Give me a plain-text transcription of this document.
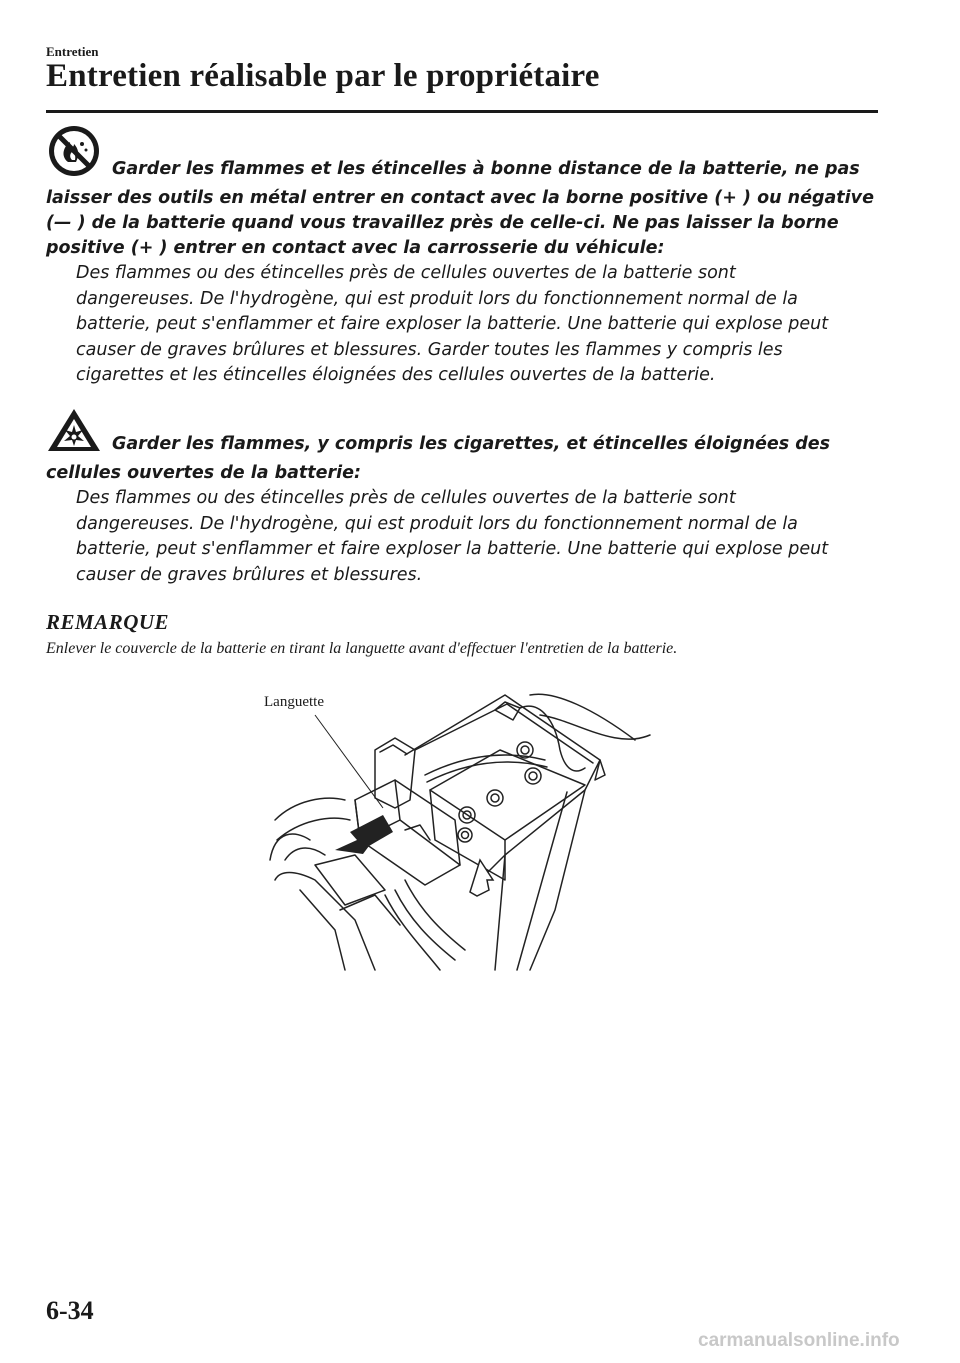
Entretien
Entretien réalisable par le propriétaire

Garder les flammes et les étincelles à bonne distance de la batterie, ne pas
laisser des outils en métal entrer en contact avec la borne positive (+ ) ou négative
(— ) de la batterie quand vous travaillez près de celle-ci. Ne pas laisser la borne
positive (+ ) entrer en contact avec la carrosserie du véhicule:

Des flammes ou des étincelles près de cellules ouvertes de la batterie sont
dangereuses. De l'hydrogène, qui est produit lors du fonctionnement normal de la
batterie, peut s'enflammer et faire exploser la batterie. Une batterie qui explose peut
causer de graves brûlures et blessures. Garder toutes les flammes y compris les
cigarettes et les étincelles éloignées des cellules ouvertes de la batterie.

Garder les flammes, y compris les cigarettes, et étincelles éloignées des
cellules ouvertes de la batterie:

Des flammes ou des étincelles près de cellules ouvertes de la batterie sont
dangereuses. De l'hydrogène, qui est produit lors du fonctionnement normal de la
batterie, peut s'enflammer et faire exploser la batterie. Une batterie qui explose peut
causer de graves brûlures et blessures.

REMARQUE
Enlever le couvercle de la batterie en tirant la languette avant d'effectuer l'entretien de la batterie.
Languette
6-34
carmanualsonline.info
